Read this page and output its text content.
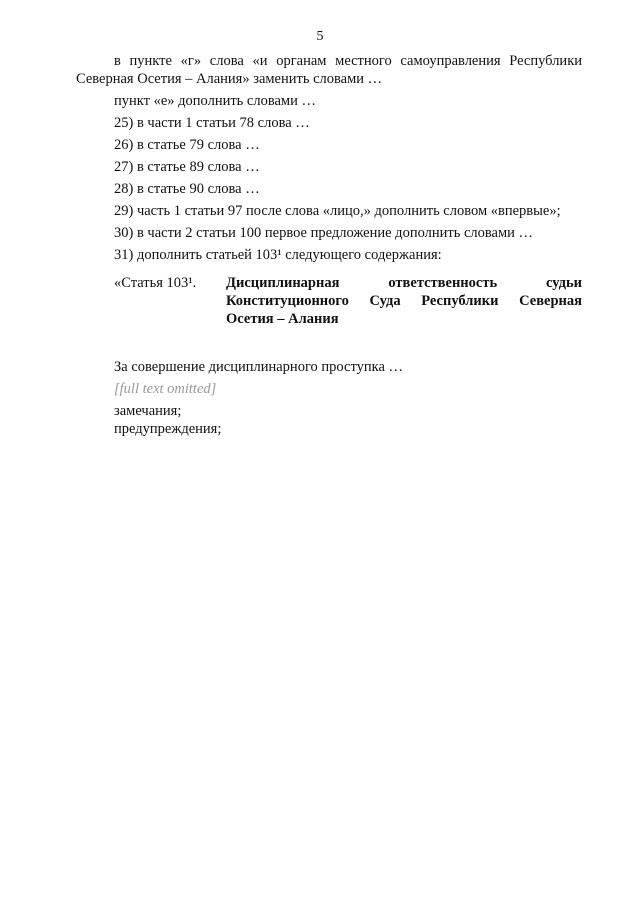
5

в пункте «г» слова «и органам местного самоуправления Республики Северная Осетия – Алания» заменить словами …

пункт «е» дополнить словами …

25) в части 1 статьи 78 слова …

26) в статье 79 слова …

27) в статье 89 слова …

28) в статье 90 слова …

29) часть 1 статьи 97 после слова «лицо,» дополнить словом «впервые»;

30) в части 2 статьи 100 первое предложение дополнить словами …

31) дополнить статьей 103¹ следующего содержания:

«Статья 103¹.	Дисциплинарная ответственность судьи Конституционного Суда Республики Северная Осетия – Алания

За совершение дисциплинарного проступка …

[full text omitted]

замечания;

предупреждения;
